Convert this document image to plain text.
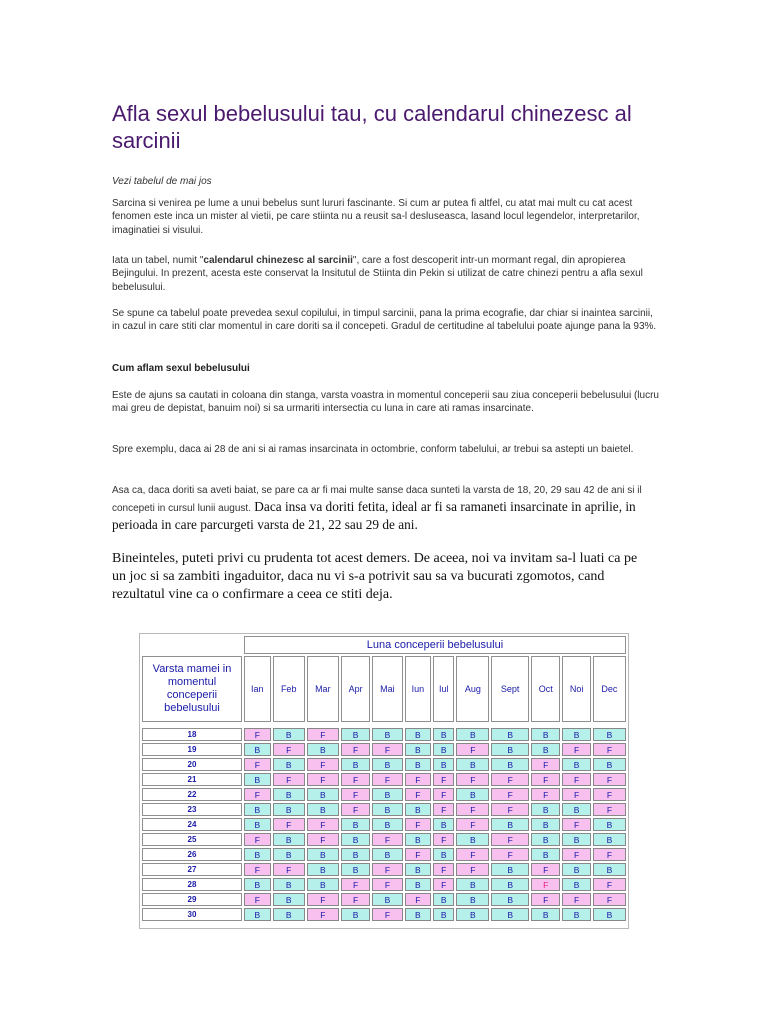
Afla sexul bebelusului tau, cu calendarul chinezesc al sarcinii

Vezi tabelul de mai jos

Sarcina si venirea pe lume a unui bebelus sunt lururi fascinante. Si cum ar putea fi altfel, cu atat mai mult cu cat acest fenomen este inca un mister al vietii, pe care stiinta nu a reusit sa-l desluseasca, lasand locul legendelor, interpretarilor, imaginatiei si visului.

Iata un tabel, numit "calendarul chinezesc al sarcinii", care a fost descoperit intr-un mormant regal, din apropierea Bejingului. In prezent, acesta este conservat la Insitutul de Stiinta din Pekin si utilizat de catre chinezi pentru a afla sexul bebelusului.

Se spune ca tabelul poate prevedea sexul copilului, in timpul sarcinii, pana la prima ecografie, dar chiar si inaintea sarcinii, in cazul in care stiti clar momentul in care doriti sa il concepeti. Gradul de certitudine al tabelului poate ajunge pana la 93%.

Cum aflam sexul bebelusului

Este de ajuns sa cautati in coloana din stanga, varsta voastra in momentul conceperii sau ziua conceperii bebelusului (lucru mai greu de depistat, banuim noi) si sa urmariti intersectia cu luna in care ati ramas insarcinate.

Spre exemplu, daca ai 28 de ani si ai ramas insarcinata in octombrie, conform tabelului, ar trebui sa astepti un baietel.

Asa ca, daca doriti sa aveti baiat, se pare ca ar fi mai multe sanse daca sunteti la varsta de 18, 20, 29 sau 42 de ani si il concepeti in cursul lunii august. Daca insa va doriti fetita, ideal ar fi sa ramaneti insarcinate in aprilie, in perioada in care parcurgeti varsta de 21, 22 sau 29 de ani.

Bineinteles, puteti privi cu prudenta tot acest demers. De aceea, noi va invitam sa-l luati ca pe un joc si sa zambiti ingaduitor, daca nu vi s-a potrivit sau sa va bucurati zgomotos, cand rezultatul vine ca o confirmare a ceea ce stiti deja.

	Luna conceperii bebelusului											
Varsta mamei in momentul conceperii bebelusului	Ian	Feb	Mar	Apr	Mai	Iun	Iul	Aug	Sept	Oct	Noi	Dec

18	F	B	F	B	B	B	B	B	B	B	B	B
19	B	F	B	F	F	B	B	F	B	B	F	F
20	F	B	F	B	B	B	B	B	B	F	B	B
21	B	F	F	F	F	F	F	F	F	F	F	F
22	F	B	B	F	B	F	F	B	F	F	F	F
23	B	B	B	F	B	B	F	F	F	B	B	F
24	B	F	F	B	B	F	B	F	B	B	F	B
25	F	B	F	B	F	B	F	B	F	B	B	B
26	B	B	B	B	B	F	B	F	F	B	F	F
27	F	F	B	B	F	B	F	F	B	F	B	B
28	B	B	B	F	F	B	F	B	B	F	B	F
29	F	B	F	F	B	F	B	B	B	F	F	F
30	B	B	F	B	F	B	B	B	B	B	B	B
